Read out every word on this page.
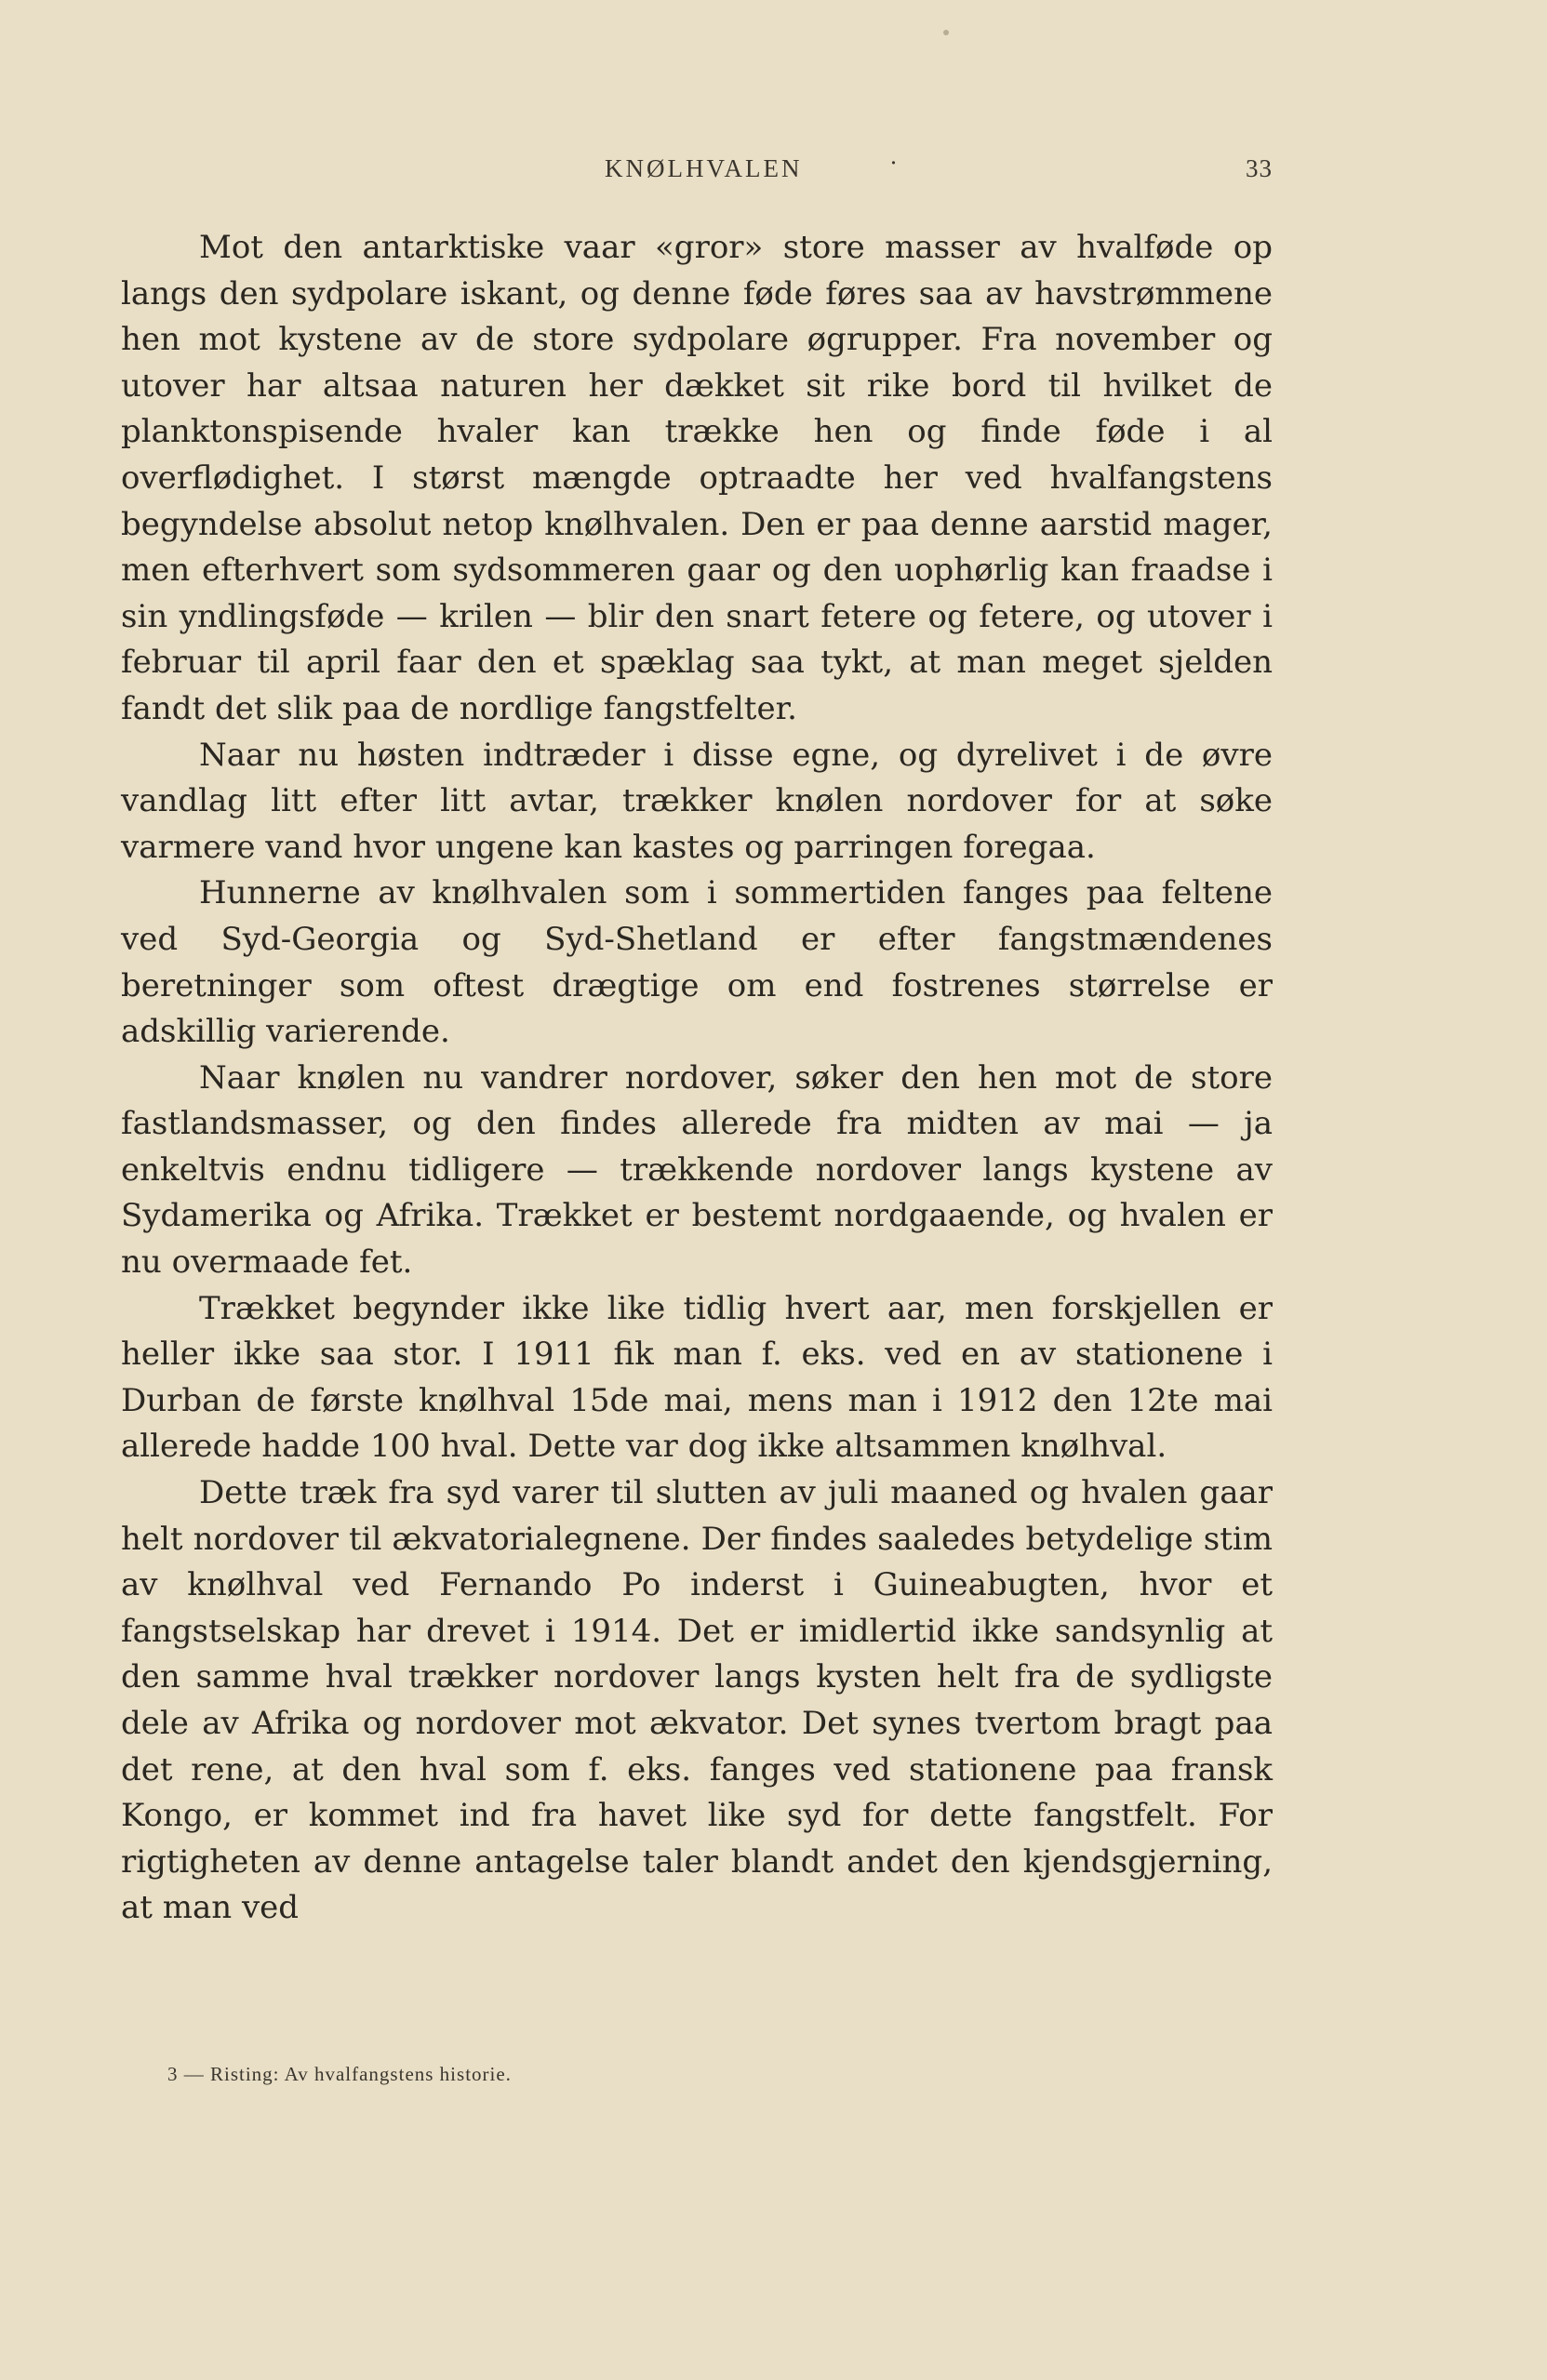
KNØLHVALEN	·	33

Mot den antarktiske vaar «gror» store masser av hvalføde op langs den sydpolare iskant, og denne føde føres saa av havstrømmene hen mot kystene av de store sydpolare øgrupper. Fra november og utover har altsaa naturen her dækket sit rike bord til hvilket de planktonspisende hvaler kan trække hen og finde føde i al overflødighet. I størst mængde optraadte her ved hvalfangstens begyndelse absolut netop knølhvalen. Den er paa denne aarstid mager, men efterhvert som sydsommeren gaar og den uophørlig kan fraadse i sin yndlingsføde — krilen — blir den snart fetere og fetere, og utover i februar til april faar den et spæklag saa tykt, at man meget sjelden fandt det slik paa de nordlige fangstfelter.

Naar nu høsten indtræder i disse egne, og dyrelivet i de øvre vandlag litt efter litt avtar, trækker knølen nordover for at søke varmere vand hvor ungene kan kastes og parringen foregaa.

Hunnerne av knølhvalen som i sommertiden fanges paa feltene ved Syd-Georgia og Syd-Shetland er efter fangstmændenes beretninger som oftest drægtige om end fostrenes størrelse er adskillig varierende.

Naar knølen nu vandrer nordover, søker den hen mot de store fastlandsmasser, og den findes allerede fra midten av mai — ja enkeltvis endnu tidligere — trækkende nordover langs kystene av Sydamerika og Afrika. Trækket er bestemt nordgaaende, og hvalen er nu overmaade fet.

Trækket begynder ikke like tidlig hvert aar, men forskjellen er heller ikke saa stor. I 1911 fik man f. eks. ved en av stationene i Durban de første knølhval 15de mai, mens man i 1912 den 12te mai allerede hadde 100 hval. Dette var dog ikke altsammen knølhval.

Dette træk fra syd varer til slutten av juli maaned og hvalen gaar helt nordover til ækvatorialegnene. Der findes saaledes betydelige stim av knølhval ved Fernando Po inderst i Guineabugten, hvor et fangstselskap har drevet i 1914. Det er imidlertid ikke sandsynlig at den samme hval trækker nordover langs kysten helt fra de sydligste dele av Afrika og nordover mot ækvator. Det synes tvertom bragt paa det rene, at den hval som f. eks. fanges ved stationene paa fransk Kongo, er kommet ind fra havet like syd for dette fangstfelt. For rigtigheten av denne antagelse taler blandt andet den kjendsgjerning, at man ved

3 — Risting: Av hvalfangstens historie.
